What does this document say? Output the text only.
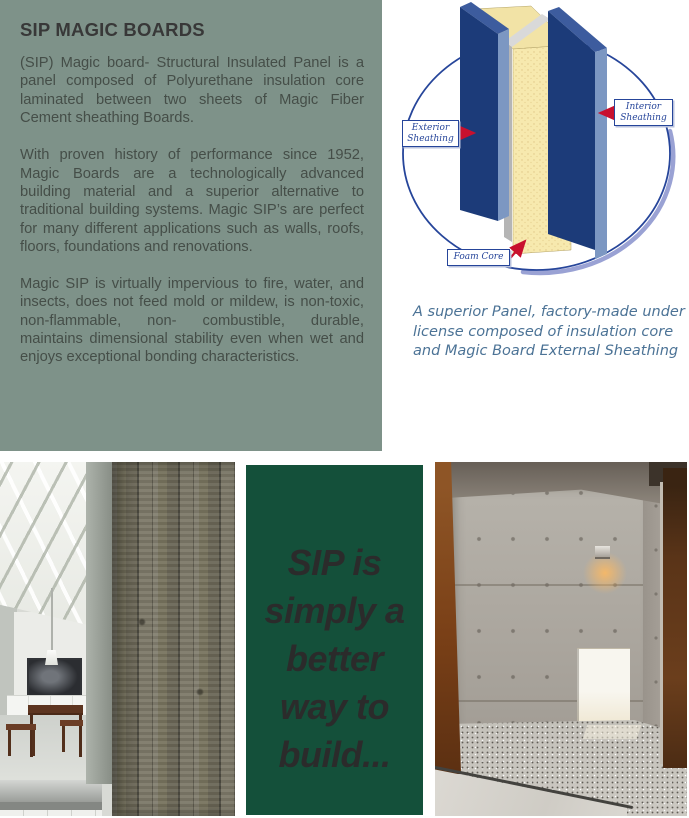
SIP MAGIC BOARDS

(SIP) Magic board- Structural Insulated Panel is a panel composed of Polyurethane insulation core laminated between two sheets of Magic Fiber Cement sheathing Boards.

With proven history of performance since 1952, Magic Boards are a technologically advanced building material and a superior alternative to traditional building systems. Magic SIP’s are perfect for many different applications such as walls, roofs, floors, foundations and renovations.

Magic SIP is virtually impervious to fire, water, and insects, does not feed mold or mildew, is non-toxic, non-flammable, non- combustible, durable, maintains dimensional stability even when wet and enjoys exceptional bonding characteristics.

Exterior Sheathing
Interior Sheathing
Foam Core
A superior Panel, factory-made under license composed of insulation core and Magic Board External Sheathing
SIP is
simply a
better
way to
build...
